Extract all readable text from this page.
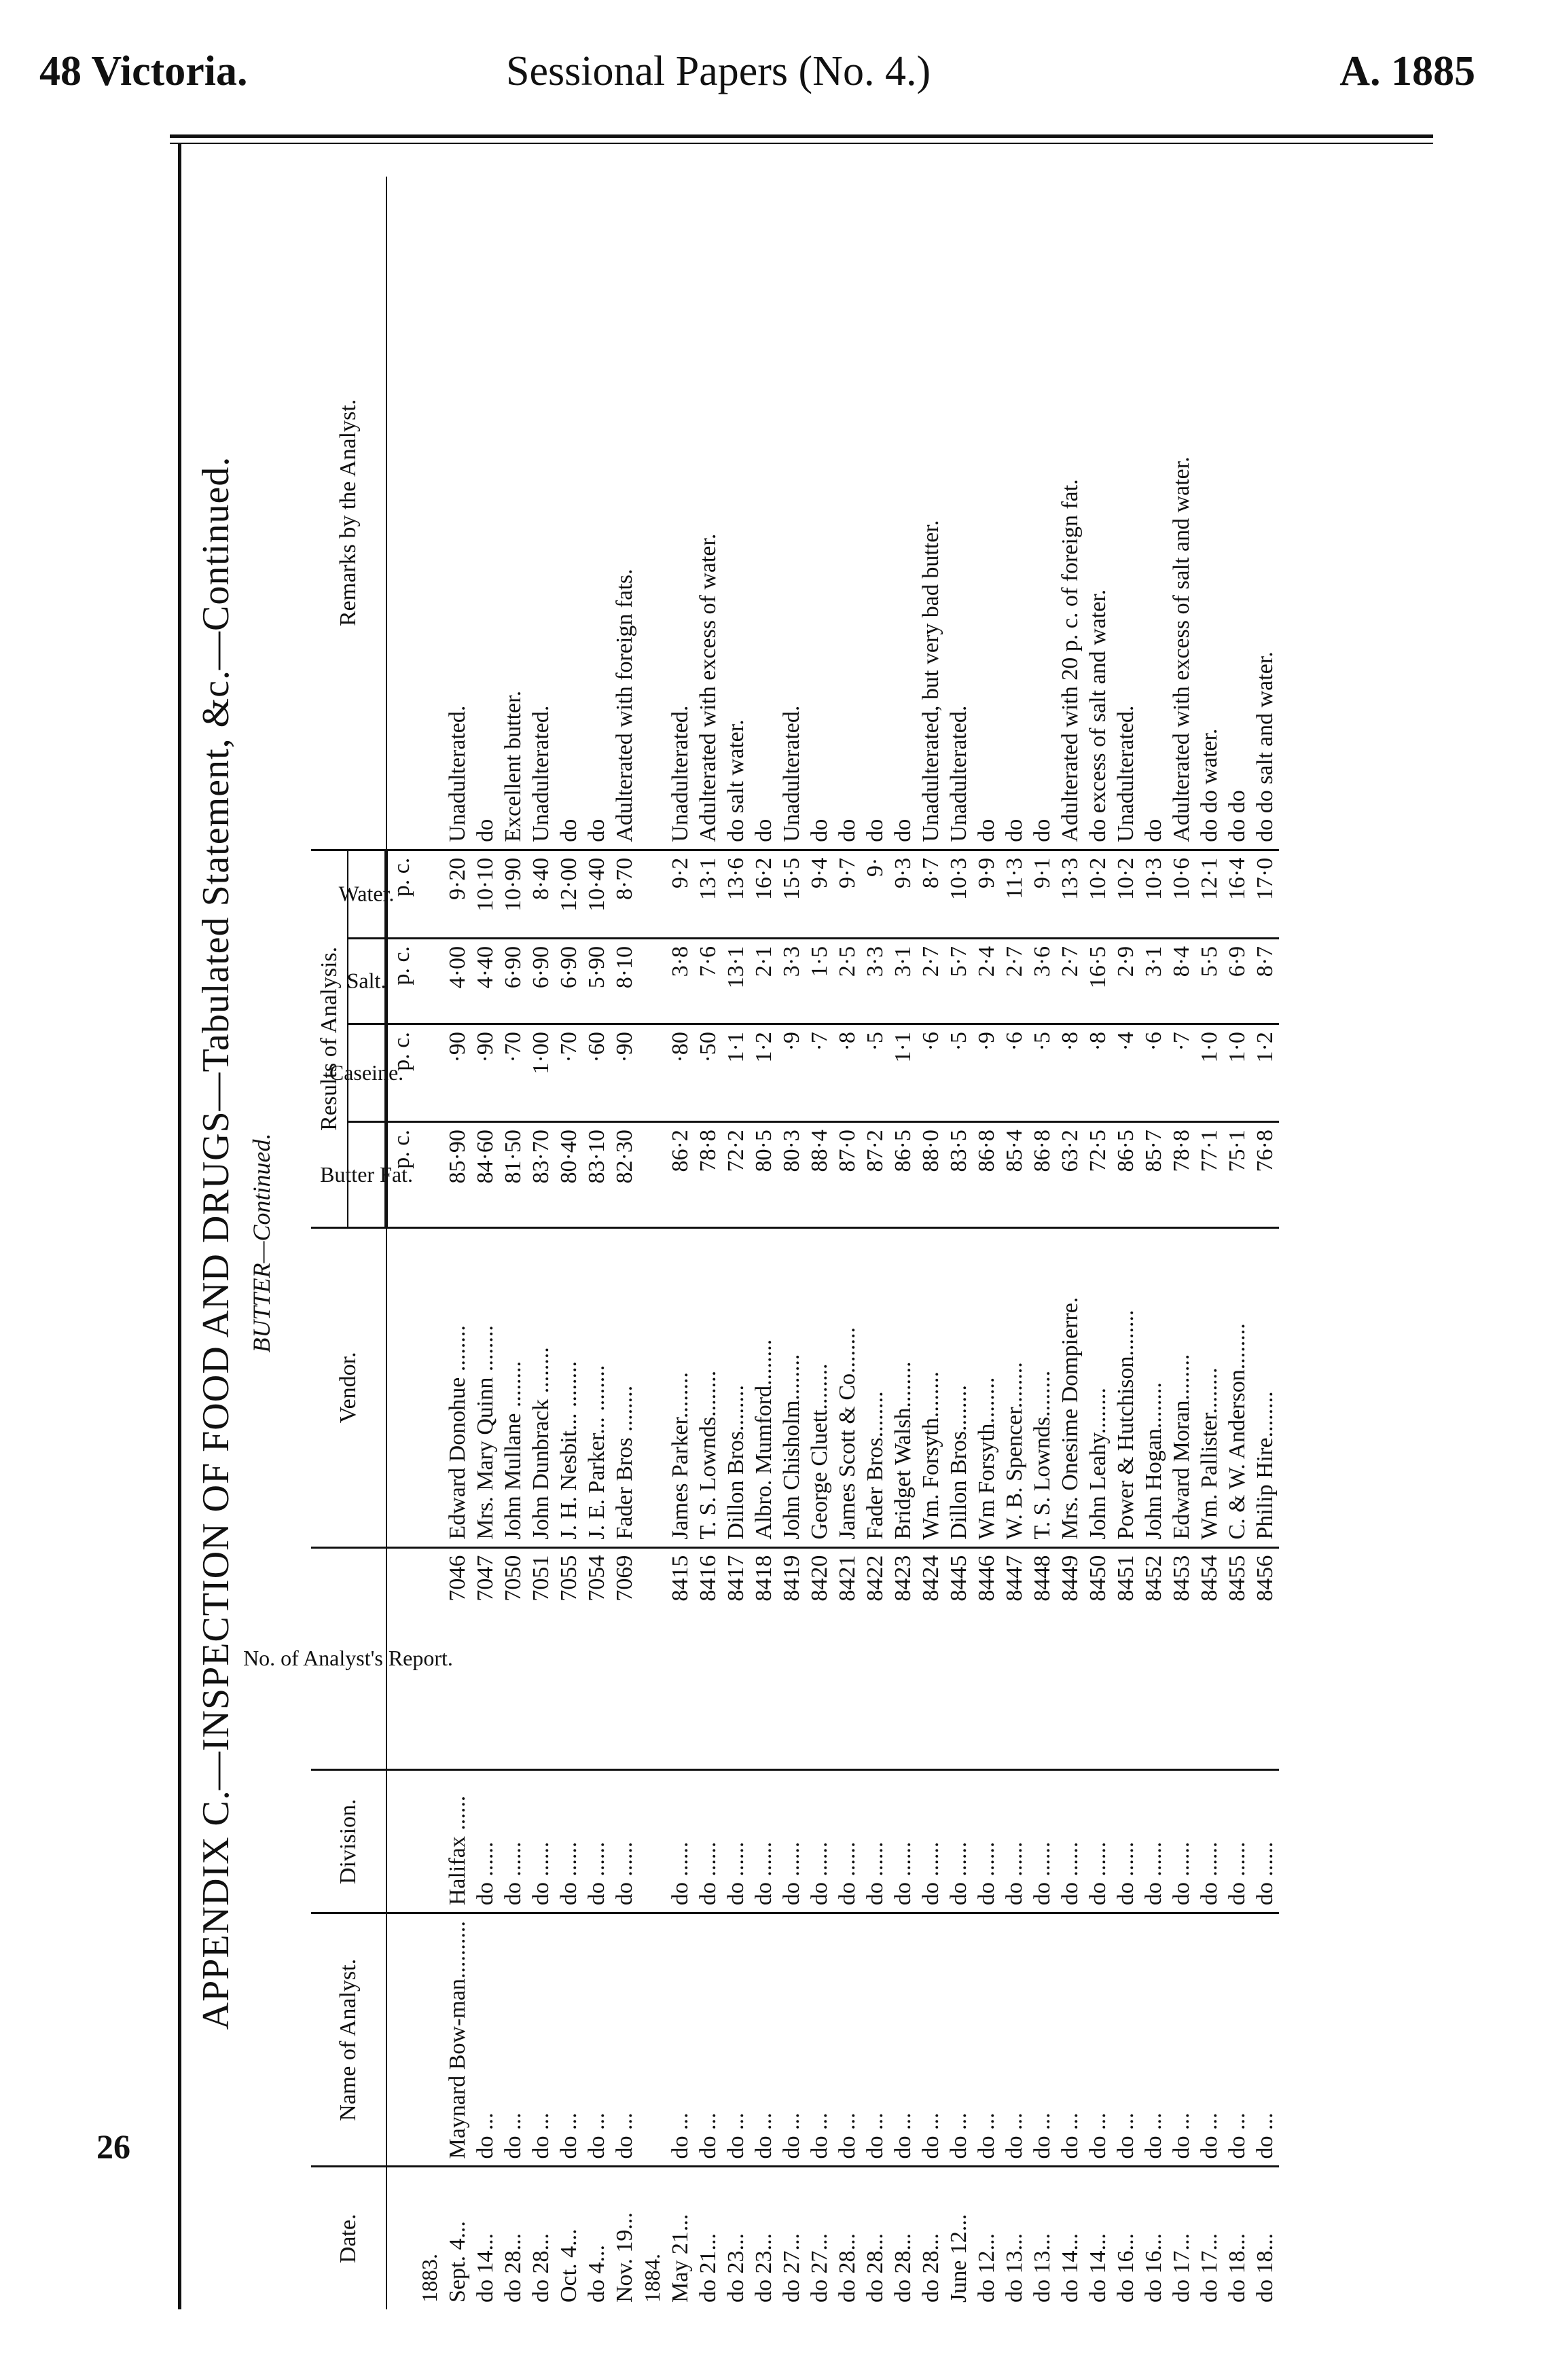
48 Victoria.	Sessional Papers (No. 4.)	A. 1885
APPENDIX C.—INSPECTION OF FOOD AND DRUGS—Tabulated Statement, &c.—Continued. BUTTER—Continued.
26
Date.	Name of Analyst.	Division.	No. of Analyst's Report.	Vendor.	Results of Analysis.				Remarks by the Analyst.
					Butter Fat.	Caseine.	Salt.	Water.	
					p. c.	p. c.	p. c.	p. c.	
1883.									
Sept. 4...	Maynard Bow-man..........	Halifax ......	7046	Edward Donohue ........	85·90	·90	4·00	9·20	Unadulterated.
do 14...	do ...	do ......	7047	Mrs. Mary Quinn ........	84·60	·90	4·40	10·10	do
do 28...	do ...	do ......	7050	John Mullane ........	81·50	·70	6·90	10·90	Excellent butter.
do 28...	do ...	do ......	7051	John Dunbrack ........	83·70	1·00	6·90	8·40	Unadulterated.
Oct. 4...	do ...	do ......	7055	J. H. Nesbit... ........	80·40	·70	6·90	12·00	do
do 4...	do ...	do ......	7054	J. E. Parker... ........	83·10	·60	5·90	10·40	do
Nov. 19...	do ...	do ......	7069	Fader Bros ........	82·30	·90	8·10	8·70	Adulterated with foreign fats.
1884.									
May 21...	do ...	do ......	8415	James Parker........	86·2	·80	3·8	9·2	Unadulterated.
do 21...	do ...	do ......	8416	T. S. Lownds........	78·8	·50	7·6	13·1	Adulterated with excess of water.
do 23...	do ...	do ......	8417	Dillon Bros........	72·2	1·1	13·1	13·6	do salt water.
do 23...	do ...	do ......	8418	Albro. Mumford........	80·5	1·2	2·1	16·2	do
do 27...	do ...	do ......	8419	John Chisholm........	80·3	·9	3·3	15·5	Unadulterated.
do 27...	do ...	do ......	8420	George Cluett........	88·4	·7	1·5	9·4	do
do 28...	do ...	do ......	8421	James Scott & Co........	87·0	·8	2·5	9·7	do
do 28...	do ...	do ......	8422	Fader Bros........	87·2	·5	3·3	9·	do
do 28...	do ...	do ......	8423	Bridget Walsh........	86·5	1·1	3·1	9·3	do
do 28...	do ...	do ......	8424	Wm. Forsyth........	88·0	·6	2·7	8·7	Unadulterated, but very bad butter.
June 12...	do ...	do ......	8445	Dillon Bros........	83·5	·5	5·7	10·3	Unadulterated.
do 12...	do ...	do ......	8446	Wm Forsyth........	86·8	·9	2·4	9·9	do
do 13...	do ...	do ......	8447	W. B. Spencer........	85·4	·6	2·7	11·3	do
do 13...	do ...	do ......	8448	T. S. Lownds........	86·8	·5	3·6	9·1	do
do 14...	do ...	do ......	8449	Mrs. Onesime Dompierre.	63·2	·8	2·7	13·3	Adulterated with 20 p. c. of foreign fat.
do 14...	do ...	do ......	8450	John Leahy........	72·5	·8	16·5	10·2	do excess of salt and water.
do 16...	do ...	do ......	8451	Power & Hutchison........	86·5	·4	2·9	10·2	Unadulterated.
do 16...	do ...	do ......	8452	John Hogan........	85·7	·6	3·1	10·3	do
do 17...	do ...	do ......	8453	Edward Moran........	78·8	·7	8·4	10·6	Adulterated with excess of salt and water.
do 17...	do ...	do ......	8454	Wm. Pallister........	77·1	1·0	5·5	12·1	do do water.
do 18...	do ...	do ......	8455	C. & W. Anderson........	75·1	1·0	6·9	16·4	do do
do 18...	do ...	do ......	8456	Philip Hire........	76·8	1·2	8·7	17·0	do do salt and water.
